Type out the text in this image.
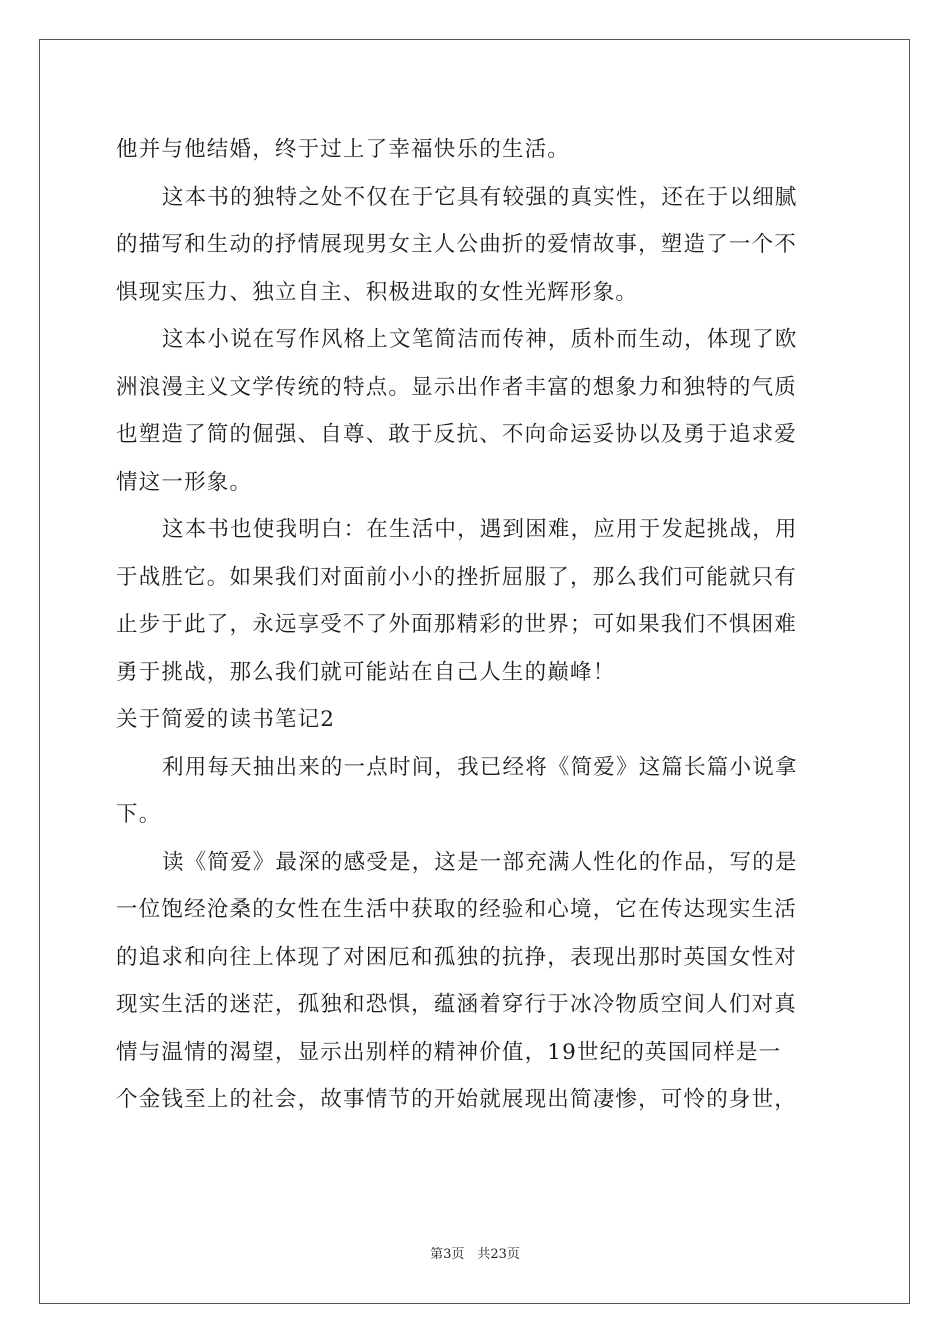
他并与他结婚，终于过上了幸福快乐的生活。
这本书的独特之处不仅在于它具有较强的真实性，还在于以细腻
的描写和生动的抒情展现男女主人公曲折的爱情故事，塑造了一个不
惧现实压力、独立自主、积极进取的女性光辉形象。
这本小说在写作风格上文笔简洁而传神，质朴而生动，体现了欧
洲浪漫主义文学传统的特点。显示出作者丰富的想象力和独特的气质
也塑造了简的倔强、自尊、敢于反抗、不向命运妥协以及勇于追求爱
情这一形象。
这本书也使我明白：在生活中，遇到困难，应用于发起挑战，用
于战胜它。如果我们对面前小小的挫折屈服了，那么我们可能就只有
止步于此了，永远享受不了外面那精彩的世界；可如果我们不惧困难
勇于挑战，那么我们就可能站在自己人生的巅峰！
关于简爱的读书笔记2
利用每天抽出来的一点时间，我已经将《简爱》这篇长篇小说拿
下。
读《简爱》最深的感受是，这是一部充满人性化的作品，写的是
一位饱经沧桑的女性在生活中获取的经验和心境，它在传达现实生活
的追求和向往上体现了对困厄和孤独的抗挣，表现出那时英国女性对
现实生活的迷茫，孤独和恐惧，蕴涵着穿行于冰冷物质空间人们对真
情与温情的渴望，显示出别样的精神价值，19世纪的英国同样是一
个金钱至上的社会，故事情节的开始就展现出简凄惨，可怜的身世，
第3页　共23页
